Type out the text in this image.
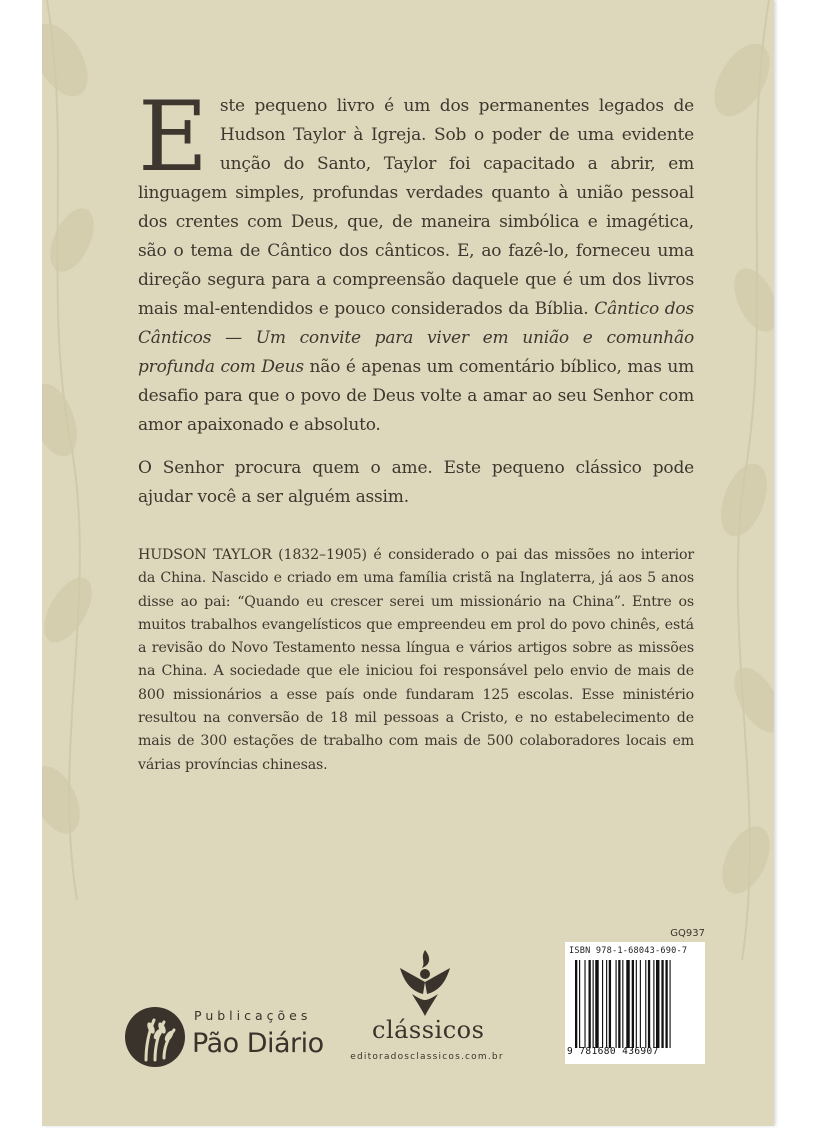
Este pequeno livro é um dos permanentes legados de Hudson Taylor à Igreja. Sob o poder de uma evidente unção do Santo, Taylor foi capacitado a abrir, em linguagem simples, profundas verdades quanto à união pessoal dos crentes com Deus, que, de maneira simbólica e imagética, são o tema de Cântico dos cânticos. E, ao fazê-lo, forneceu uma direção segura para a compreensão daquele que é um dos livros mais mal-entendidos e pouco considerados da Bíblia. Cântico dos Cânticos — Um convite para viver em união e comunhão profunda com Deus não é apenas um comentário bíblico, mas um desafio para que o povo de Deus volte a amar ao seu Senhor com amor apaixonado e absoluto.

O Senhor procura quem o ame. Este pequeno clássico pode ajudar você a ser alguém assim.

HUDSON TAYLOR (1832–1905) é considerado o pai das missões no interior da China. Nascido e criado em uma família cristã na Inglaterra, já aos 5 anos disse ao pai: “Quando eu crescer serei um missionário na China”. Entre os muitos trabalhos evangelísticos que empreendeu em prol do povo chinês, está a revisão do Novo Testamento nessa língua e vários artigos sobre as missões na China. A sociedade que ele iniciou foi responsável pelo envio de mais de 800 missionários a esse país onde fundaram 125 escolas. Esse ministério resultou na conversão de 18 mil pessoas a Cristo, e no estabelecimento de mais de 300 estações de trabalho com mais de 500 colaboradores locais em várias províncias chinesas.

Publicações
Pão Diário clássicos
editoradosclassicos.com.br
GQ937
ISBN 978-1-68043-690-7
9 781680 436907
